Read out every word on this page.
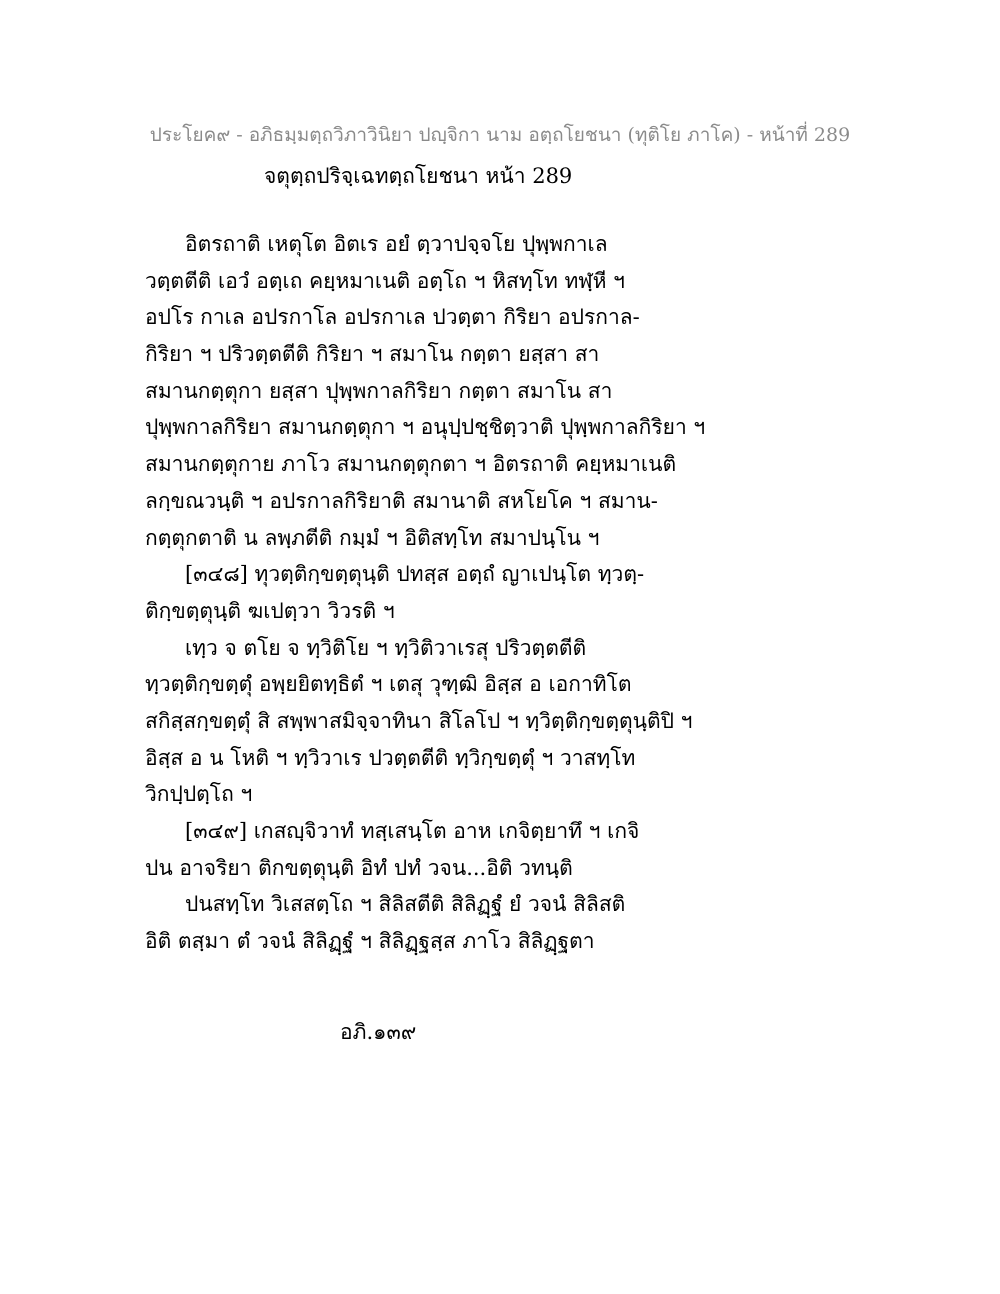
ประโยค๙ - อภิธมฺมตฺถวิภาวินิยา ปญฺจิกา นาม อตฺถโยชนา (ทุติโย ภาโค) - หน้าที่ 289
จตุตฺถปริจฺเฉทตฺถโยชนา หน้า 289
อิตรถาติ เหตุโต อิตเร อยํ ตฺวาปจฺจโย ปุพฺพกาเล
วตฺตตีติ เอวํ อตฺเถ คยฺหมาเนติ อตฺโถ ฯ หิสทฺโท ทฬฺหี ฯ
อปโร กาเล อปรกาโล อปรกาเล ปวตฺตา กิริยา อปรกาล-
กิริยา ฯ ปริวตฺตตีติ กิริยา ฯ สมาโน กตฺตา ยสฺสา สา
สมานกตฺตุกา ยสฺสา ปุพฺพกาลกิริยา กตฺตา สมาโน สา
ปุพฺพกาลกิริยา สมานกตฺตุกา ฯ อนุปฺปชฺชิตฺวาติ ปุพฺพกาลกิริยา ฯ
สมานกตฺตุกาย ภาโว สมานกตฺตุกตา ฯ อิตรถาติ คยฺหมาเนติ
ลกฺขณวนฺติ ฯ อปรกาลกิริยาติ สมานาติ สหโยโค ฯ สมาน-
กตฺตุกตาติ น ลพฺภตีติ กมฺมํ ฯ อิติสทฺโท สมาปนฺโน ฯ
[๓๔๘] ทุวตฺติกฺขตฺตุนฺติ ปทสฺส อตฺถํ ญาเปนฺโต ทฺวตฺ-
ติกฺขตฺตุนฺติ ฆเปตฺวา วิวรติ ฯ
เทฺว จ ตโย จ ทฺวิติโย ฯ ทฺวิติวาเรสุ ปริวตฺตตีติ
ทฺวตฺติกฺขตฺตุํ อพฺยยิตทฺธิตํ ฯ เตสุ วุฑฺฒิ อิสฺส อ เอกาทิโต
สกิสฺสกฺขตฺตุํ สิ สพฺพาสมิจฺจาทินา สิโลโป ฯ ทฺวิตฺติกฺขตฺตุนฺติปิ ฯ
อิสฺส อ น โหติ ฯ ทฺวิวาเร ปวตฺตตีติ ทฺวิกฺขตฺตุํ ฯ วาสทฺโท
วิกปฺปตฺโถ ฯ
[๓๔๙] เกสญฺจิวาทํ ทสฺเสนฺโต อาห เกจิตฺยาทึ ฯ เกจิ
ปน อาจริยา ติกขตฺตุนฺติ อิทํ ปทํ วจน...อิติ วทนฺติ
ปนสทฺโท วิเสสตฺโถ ฯ สิลิสตีติ สิลิฏฺฐํ ยํ วจนํ สิลิสติ
อิติ ตสฺมา ตํ วจนํ สิลิฏฺฐํ ฯ สิลิฏฺฐสฺส ภาโว สิลิฏฺฐตา
อภิ.๑๓๙
